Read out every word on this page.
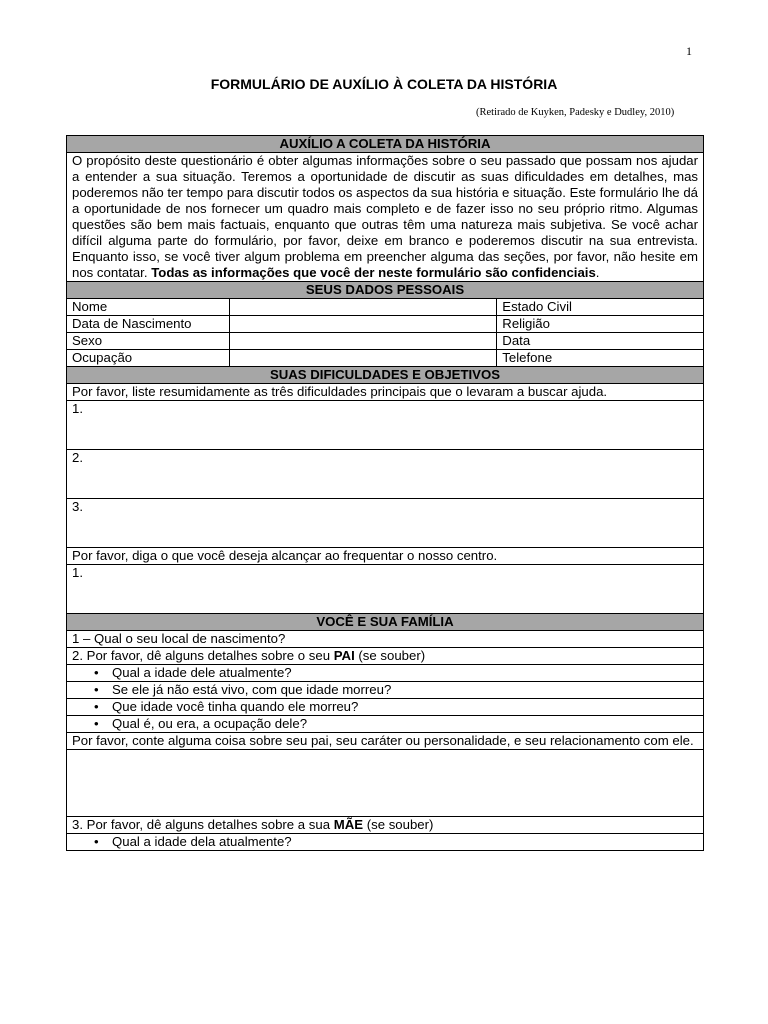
1
FORMULÁRIO DE AUXÍLIO À COLETA DA HISTÓRIA
(Retirado de Kuyken, Padesky e Dudley, 2010)
AUXÍLIO A COLETA DA HISTÓRIA		
O propósito deste questionário é obter algumas informações sobre o seu passado que possam nos ajudar a entender a sua situação. Teremos a oportunidade de discutir as suas dificuldades em detalhes, mas poderemos não ter tempo para discutir todos os aspectos da sua história e situação. Este formulário lhe dá a oportunidade de nos fornecer um quadro mais completo e de fazer isso no seu próprio ritmo. Algumas questões são bem mais factuais, enquanto que outras têm uma natureza mais subjetiva. Se você achar difícil alguma parte do formulário, por favor, deixe em branco e poderemos discutir na sua entrevista. Enquanto isso, se você tiver algum problema em preencher alguma das seções, por favor, não hesite em nos contatar. Todas as informações que você der neste formulário são confidenciais.		
SEUS DADOS PESSOAIS		
Nome		Estado Civil
Data de Nascimento		Religião
Sexo		Data
Ocupação		Telefone
SUAS DIFICULDADES E OBJETIVOS		
Por favor, liste resumidamente as três dificuldades principais que o levaram a buscar ajuda.		
1.		
2.		
3.		
Por favor, diga o que você deseja alcançar ao frequentar o nosso centro.		
1.		
VOCÊ E SUA FAMÍLIA		
1 – Qual o seu local de nascimento?		
2. Por favor, dê alguns detalhes sobre o seu PAI (se souber)		
• Qual a idade dele atualmente?		
• Se ele já não está vivo, com que idade morreu?		
• Que idade você tinha quando ele morreu?		
• Qual é, ou era, a ocupação dele?		
Por favor, conte alguma coisa sobre seu pai, seu caráter ou personalidade, e seu relacionamento com ele.		

3. Por favor, dê alguns detalhes sobre a sua MÃE (se souber)		
• Qual a idade dela atualmente?		
